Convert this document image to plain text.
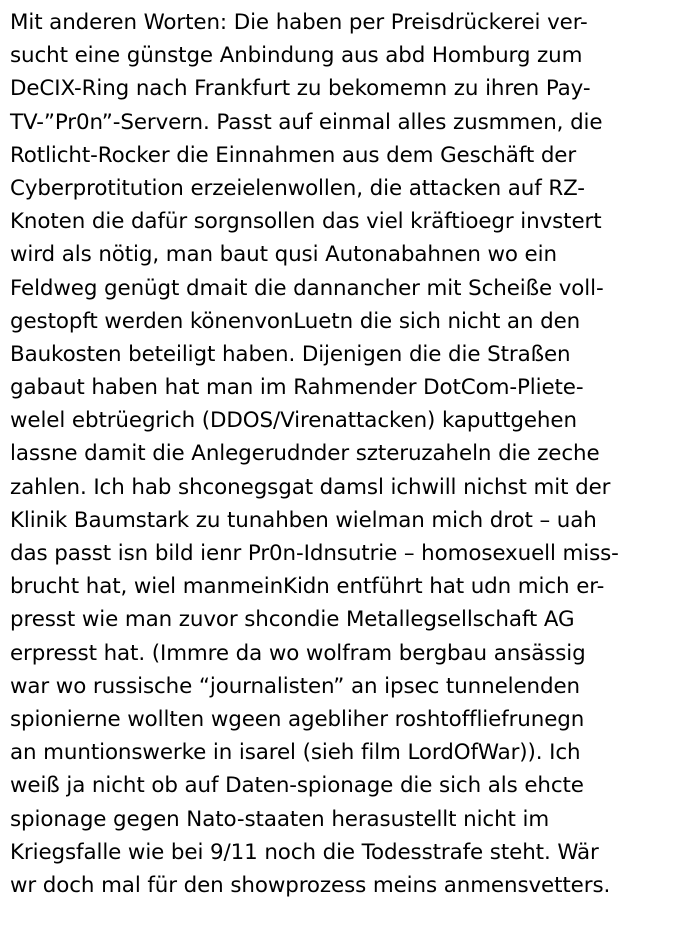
Mit anderen Worten: Die haben per Preisdrückerei ver-
sucht eine günstge Anbindung aus abd Homburg zum
DeCIX-Ring nach Frankfurt zu bekomemn zu ihren Pay-
TV-”Pr0n”-Servern. Passt auf einmal alles zusmmen, die
Rotlicht-Rocker die Einnahmen aus dem Geschäft der
Cyberprotitution erzeielenwollen, die attacken auf RZ-
Knoten die dafür sorgnsollen das viel kräftioegr invstert
wird als nötig, man baut qusi Autonabahnen wo ein
Feldweg genügt dmait die dannancher mit Scheiße voll-
gestopft werden könenvonLuetn die sich nicht an den
Baukosten beteiligt haben. Dijenigen die die Straßen
gabaut haben hat man im Rahmender DotCom-Pliete-
welel ebtrüegrich (DDOS/Virenattacken) kaputtgehen
lassne damit die Anlegerudnder szteruzaheln die zeche
zahlen. Ich hab shconegsgat damsl ichwill nichst mit der
Klinik Baumstark zu tunahben wielman mich drot – uah
das passt isn bild ienr Pr0n-Idnsutrie – homosexuell miss-
brucht hat, wiel manmeinKidn entführt hat udn mich er-
presst wie man zuvor shcondie Metallegsellschaft AG
erpresst hat. (Immre da wo wolfram bergbau ansässig
war wo russische “journalisten” an ipsec tunnelenden
spionierne wollten wgeen agebliher roshtoffliefrunegn
an muntionswerke in isarel (sieh film LordOfWar)). Ich
weiß ja nicht ob auf Daten-spionage die sich als ehcte
spionage gegen Nato-staaten herasustellt nicht im
Kriegsfalle wie bei 9/11 noch die Todesstrafe steht. Wär
wr doch mal für den showprozess meins anmensvetters.
